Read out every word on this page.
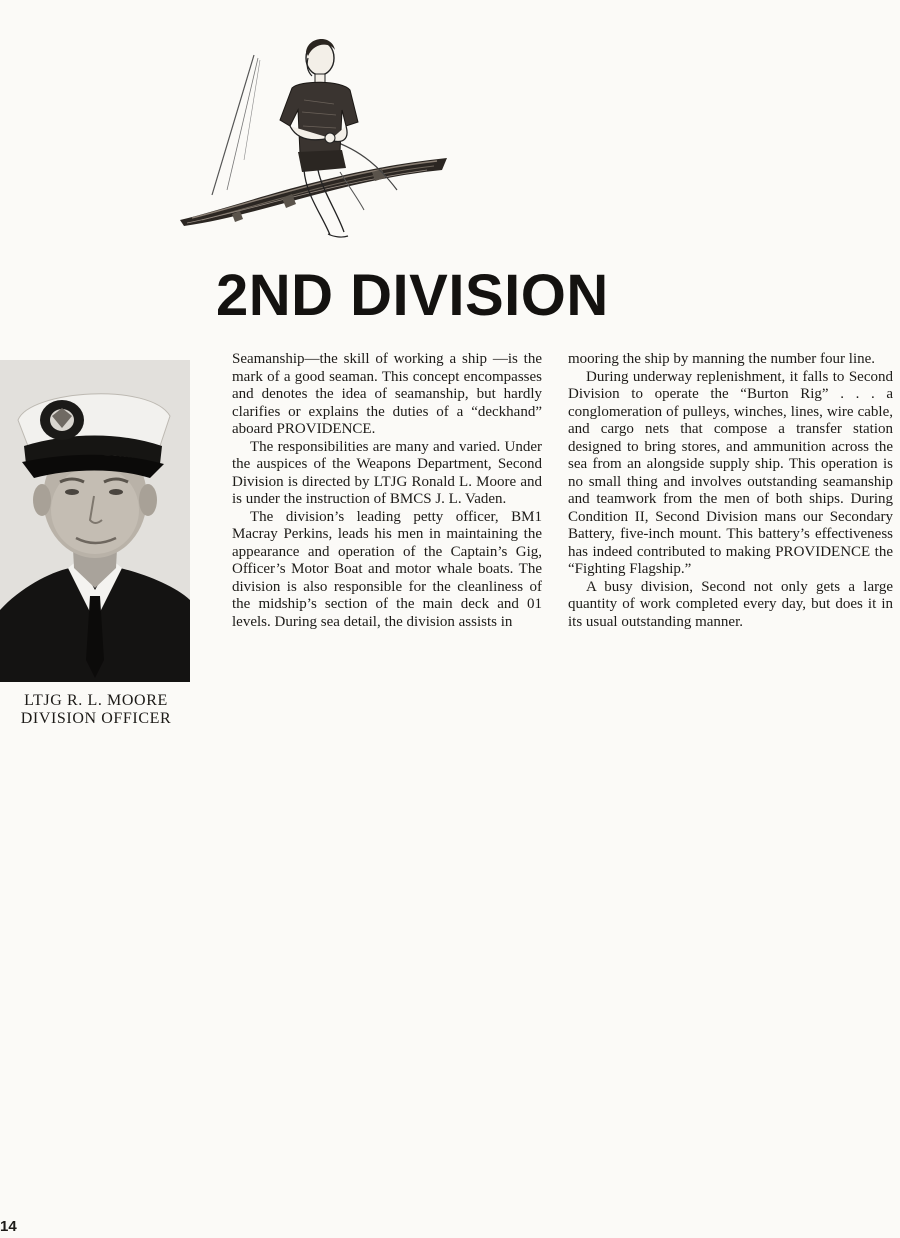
2ND DIVISION
LTJG R. L. MOORE
DIVISION OFFICER

Seamanship—the skill of working a ship —is the mark of a good seaman. This concept encompasses and denotes the idea of seamanship, but hardly clarifies or explains the duties of a “deckhand” aboard PROVIDENCE.

The responsibilities are many and varied. Under the auspices of the Weapons Department, Second Division is directed by LTJG Ronald L. Moore and is under the instruction of BMCS J. L. Vaden.

The division’s leading petty officer, BM1 Macray Perkins, leads his men in maintaining the appearance and operation of the Captain’s Gig, Officer’s Motor Boat and motor whale boats. The division is also responsible for the cleanliness of the midship’s section of the main deck and 01 levels. During sea detail, the division assists in

mooring the ship by manning the number four line.

During underway replenishment, it falls to Second Division to operate the “Burton Rig” . . . a conglomeration of pulleys, winches, lines, wire cable, and cargo nets that compose a transfer station designed to bring stores, and ammunition across the sea from an alongside supply ship. This operation is no small thing and involves outstanding seamanship and teamwork from the men of both ships. During Condition II, Second Division mans our Secondary Battery, five-inch mount. This battery’s effectiveness has indeed contributed to making PROVIDENCE the “Fighting Flagship.”

A busy division, Second not only gets a large quantity of work completed every day, but does it in its usual outstanding manner.

14
